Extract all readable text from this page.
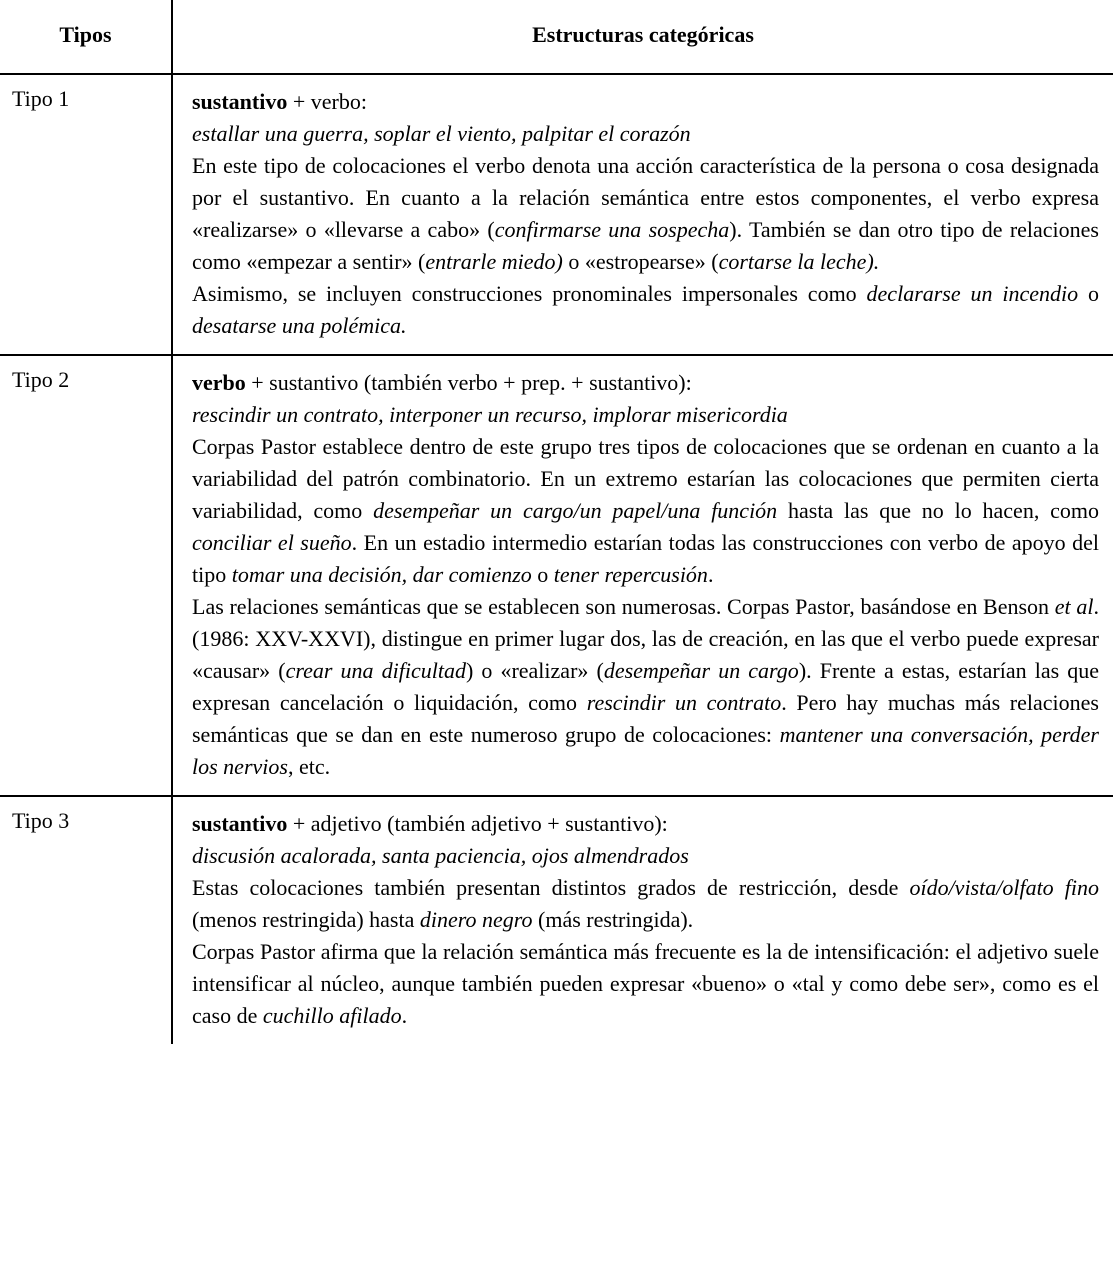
Tipos	Estructuras categóricas
Tipo 1	sustantivo + verbo:

estallar una guerra, soplar el viento, palpitar el corazón

En este tipo de colocaciones el verbo denota una acción característica de la persona o cosa designada por el sustantivo. En cuanto a la relación semántica entre estos componentes, el verbo expresa «realizarse» o «llevarse a cabo» (confirmarse una sospecha). También se dan otro tipo de relaciones como «empezar a sentir» (entrarle miedo) o «estropearse» (cortarse la leche).

Asimismo, se incluyen construcciones pronominales impersonales como declararse un incendio o desatarse una polémica.

Tipo 2	verbo + sustantivo (también verbo + prep. + sustantivo):

rescindir un contrato, interponer un recurso, implorar misericordia

Corpas Pastor establece dentro de este grupo tres tipos de colocaciones que se ordenan en cuanto a la variabilidad del patrón combinatorio. En un extremo estarían las colocaciones que permiten cierta variabilidad, como desempeñar un cargo/un papel/una función hasta las que no lo hacen, como conciliar el sueño. En un estadio intermedio estarían todas las construcciones con verbo de apoyo del tipo tomar una decisión, dar comienzo o tener repercusión.

Las relaciones semánticas que se establecen son numerosas. Corpas Pastor, basándose en Benson et al. (1986: XXV-XXVI), distingue en primer lugar dos, las de creación, en las que el verbo puede expresar «causar» (crear una dificultad) o «realizar» (desempeñar un cargo). Frente a estas, estarían las que expresan cancelación o liquidación, como rescindir un contrato. Pero hay muchas más relaciones semánticas que se dan en este numeroso grupo de colocaciones: mantener una conversación, perder los nervios, etc.

Tipo 3	sustantivo + adjetivo (también adjetivo + sustantivo):

discusión acalorada, santa paciencia, ojos almendrados

Estas colocaciones también presentan distintos grados de restricción, desde oído/vista/olfato fino (menos restringida) hasta dinero negro (más restringida).

Corpas Pastor afirma que la relación semántica más frecuente es la de intensificación: el adjetivo suele intensificar al núcleo, aunque también pueden expresar «bueno» o «tal y como debe ser», como es el caso de cuchillo afilado.
